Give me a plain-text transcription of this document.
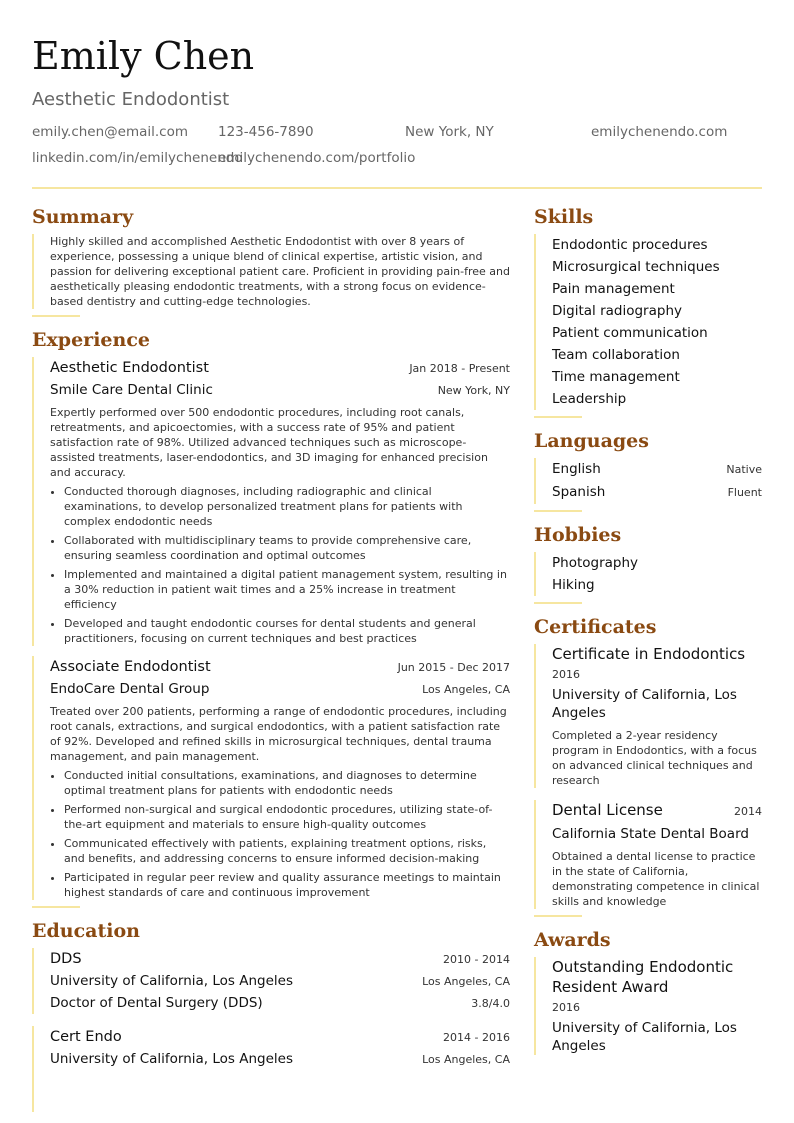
Emily Chen
Aesthetic Endodontist
emily.chen@email.com 123-456-7890	New York, NY	emilychenendo.com
linkedin.com/in/emilychenendo
emilychenendo.com/portfolio
Summary

Highly skilled and accomplished Aesthetic Endodontist with over 8 years of experience, possessing a unique blend of clinical expertise, artistic vision, and passion for delivering exceptional patient care. Proficient in providing pain-free and aesthetically pleasing endodontic treatments, with a strong focus on evidence-based dentistry and cutting-edge technologies.

Experience
Aesthetic Endodontist	Jan 2018 - Present
Smile Care Dental Clinic	New York, NY

Expertly performed over 500 endodontic procedures, including root canals, retreatments, and apicoectomies, with a success rate of 95% and patient satisfaction rate of 98%. Utilized advanced techniques such as microscope-assisted treatments, laser-endodontics, and 3D imaging for enhanced precision and accuracy.

• Conducted thorough diagnoses, including radiographic and clinical examinations, to develop personalized treatment plans for patients with complex endodontic needs
• Collaborated with multidisciplinary teams to provide comprehensive care, ensuring seamless coordination and optimal outcomes
• Implemented and maintained a digital patient management system, resulting in a 30% reduction in patient wait times and a 25% increase in treatment efficiency
• Developed and taught endodontic courses for dental students and general practitioners, focusing on current techniques and best practices
Associate Endodontist	Jun 2015 - Dec 2017
EndoCare Dental Group	Los Angeles, CA

Treated over 200 patients, performing a range of endodontic procedures, including root canals, extractions, and surgical endodontics, with a patient satisfaction rate of 92%. Developed and refined skills in microsurgical techniques, dental trauma management, and pain management.

• Conducted initial consultations, examinations, and diagnoses to determine optimal treatment plans for patients with endodontic needs
• Performed non-surgical and surgical endodontic procedures, utilizing state-of-the-art equipment and materials to ensure high-quality outcomes
• Communicated effectively with patients, explaining treatment options, risks, and benefits, and addressing concerns to ensure informed decision-making
• Participated in regular peer review and quality assurance meetings to maintain highest standards of care and continuous improvement
Education
DDS	2010 - 2014
University of California, Los Angeles	Los Angeles, CA
Doctor of Dental Surgery (DDS)	3.8/4.0
Cert Endo	2014 - 2016
University of California, Los Angeles	Los Angeles, CA
Skills
Endodontic procedures
Microsurgical techniques
Pain management
Digital radiography
Patient communication
Team collaboration
Time management
Leadership
Languages
English	Native
Spanish	Fluent
Hobbies
Photography
Hiking
Certificates
Certificate in Endodontics
2016
University of California, Los Angeles
Completed a 2-year residency program in Endodontics, with a focus on advanced clinical techniques and research
Dental License	2014
California State Dental Board
Obtained a dental license to practice in the state of California, demonstrating competence in clinical skills and knowledge
Awards
Outstanding Endodontic Resident Award
2016
University of California, Los Angeles
